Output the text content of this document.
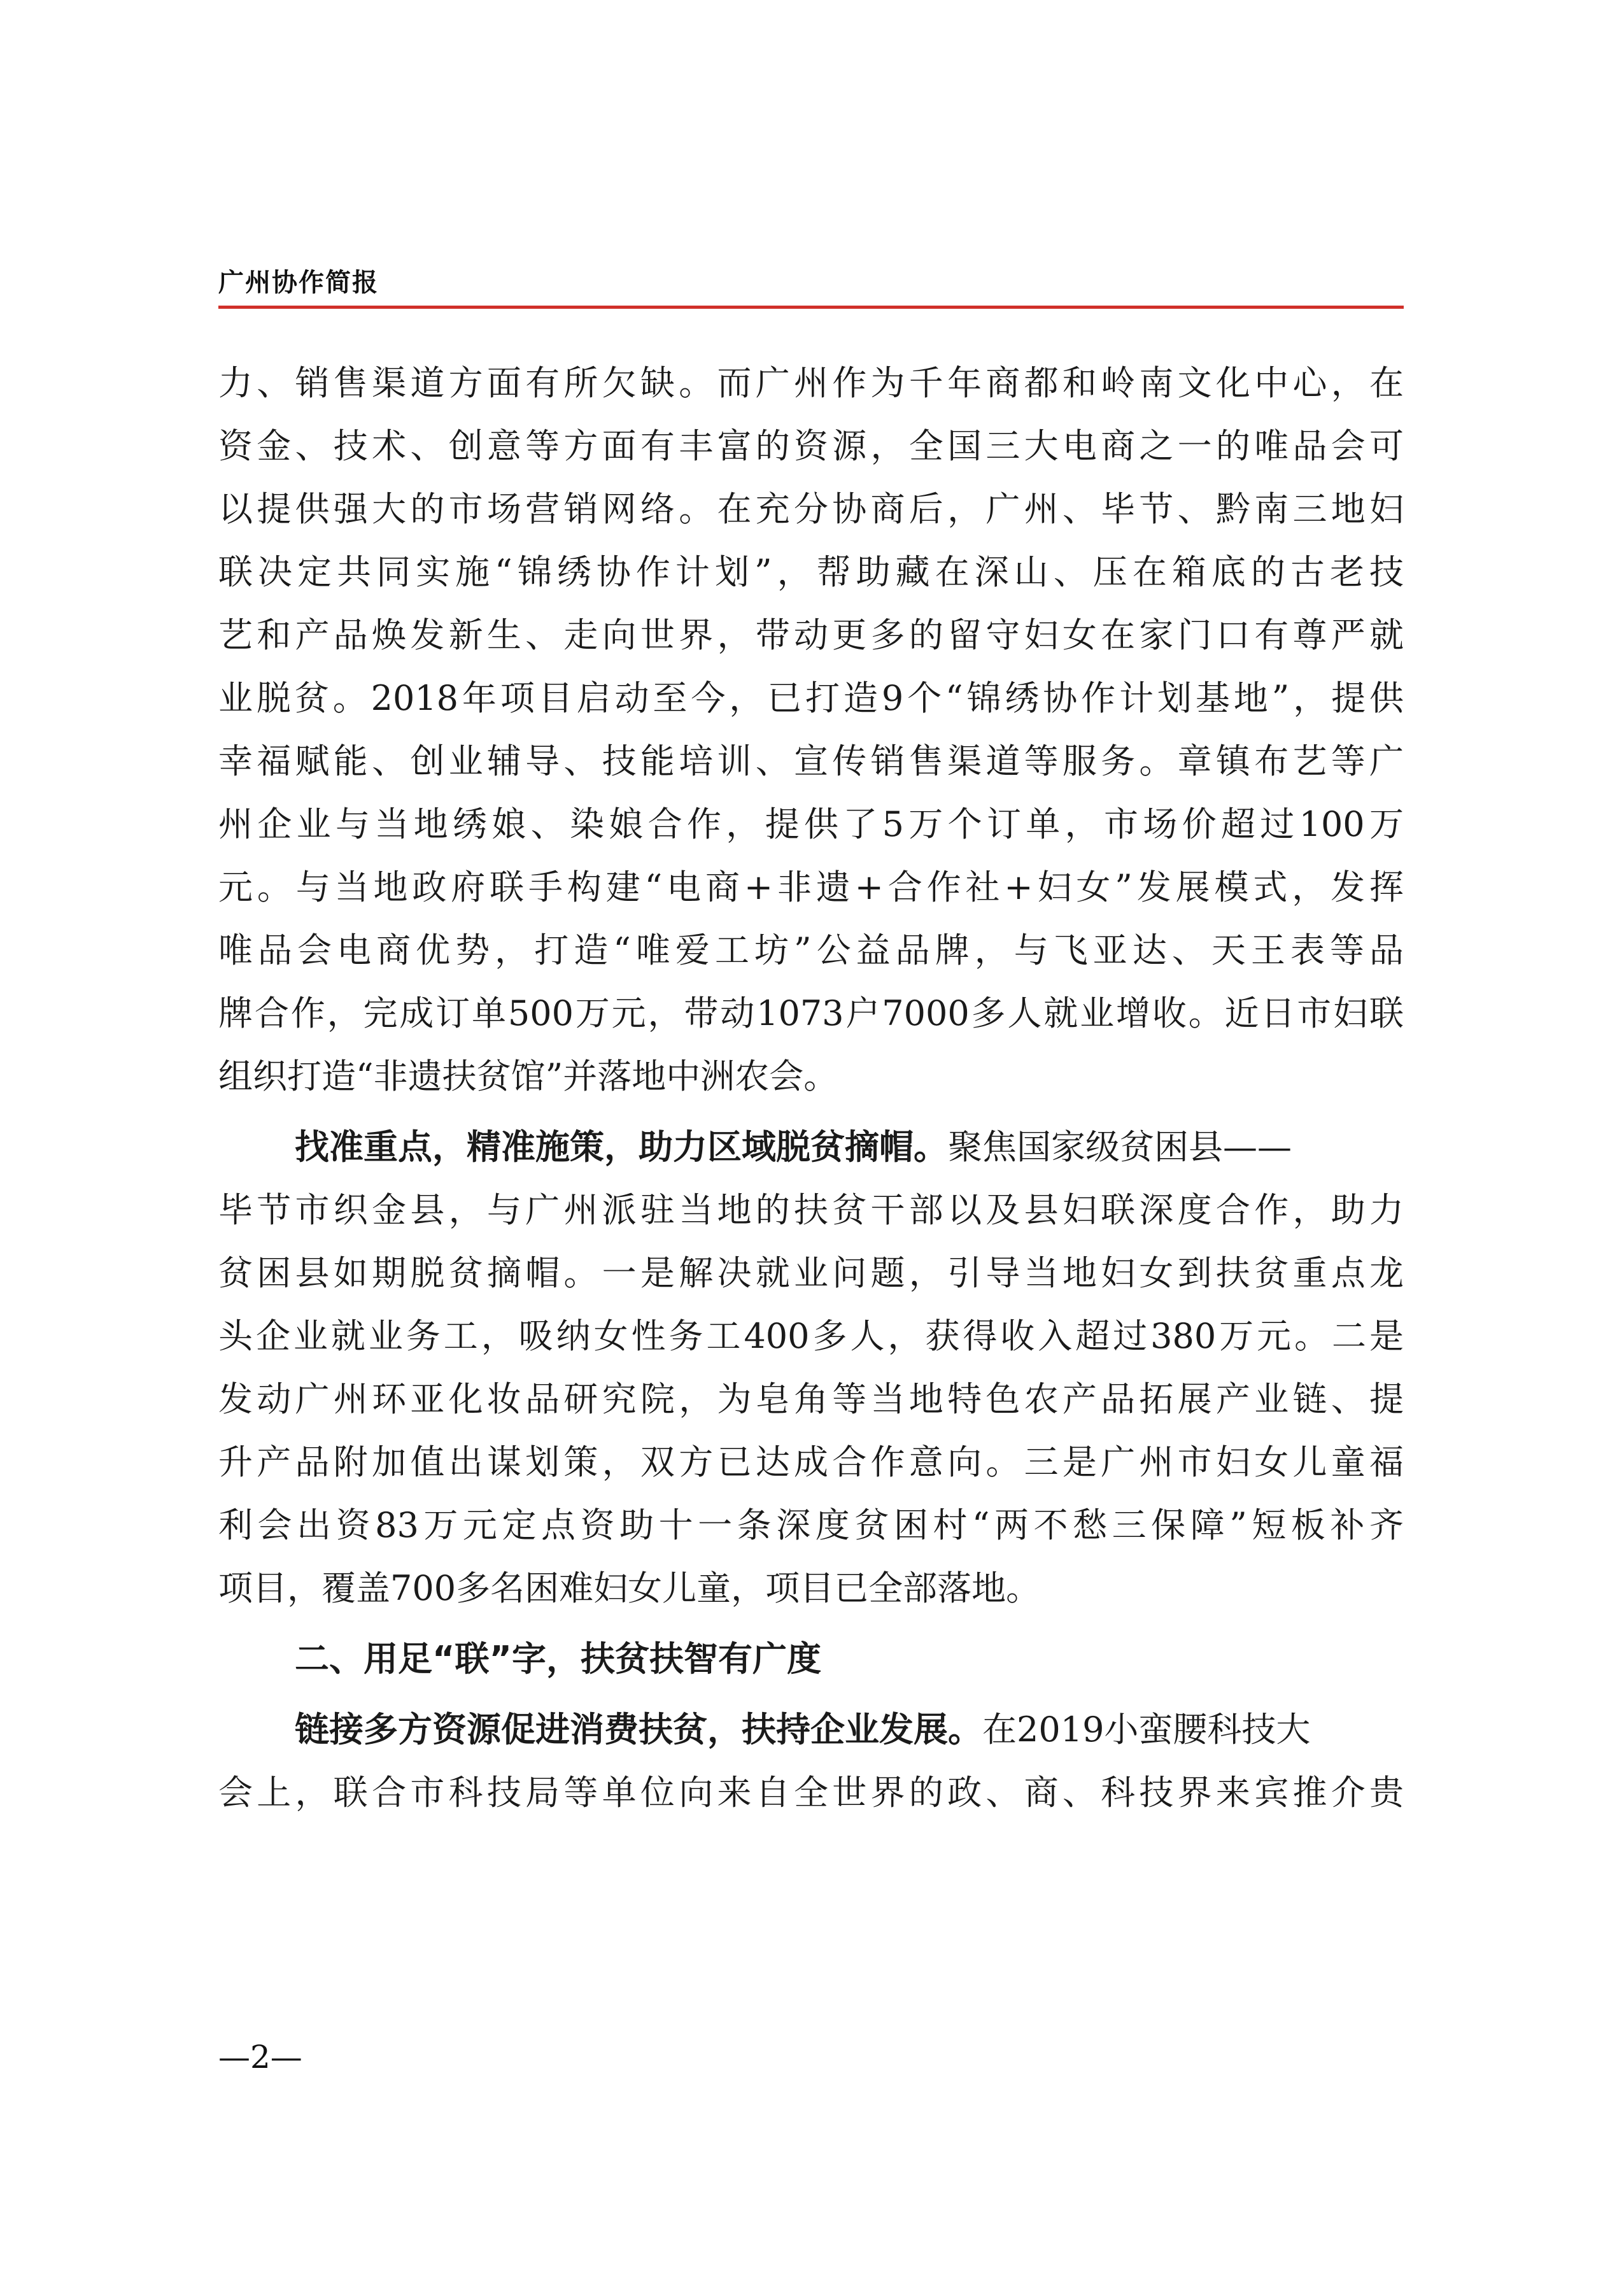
广州协作简报
力、销售渠道方面有所欠缺。而广州作为千年商都和岭南文化中心，在
资金、技术、创意等方面有丰富的资源，全国三大电商之一的唯品会可
以提供强大的市场营销网络。在充分协商后，广州、毕节、黔南三地妇
联决定共同实施“锦绣协作计划”，帮助藏在深山、压在箱底的古老技
艺和产品焕发新生、走向世界，带动更多的留守妇女在家门口有尊严就
业脱贫。2018年项目启动至今，已打造9个“锦绣协作计划基地”，提供
幸福赋能、创业辅导、技能培训、宣传销售渠道等服务。章镇布艺等广
州企业与当地绣娘、染娘合作，提供了5万个订单，市场价超过100万
元。与当地政府联手构建“电商+非遗+合作社+妇女”发展模式，发挥
唯品会电商优势，打造“唯爱工坊”公益品牌，与飞亚达、天王表等品
牌合作，完成订单500万元，带动1073户7000多人就业增收。近日市妇联
组织打造“非遗扶贫馆”并落地中洲农会。
找准重点，精准施策，助力区域脱贫摘帽。聚焦国家级贫困县——
毕节市织金县，与广州派驻当地的扶贫干部以及县妇联深度合作，助力
贫困县如期脱贫摘帽。一是解决就业问题，引导当地妇女到扶贫重点龙
头企业就业务工，吸纳女性务工400多人，获得收入超过380万元。二是
发动广州环亚化妆品研究院，为皂角等当地特色农产品拓展产业链、提
升产品附加值出谋划策，双方已达成合作意向。三是广州市妇女儿童福
利会出资83万元定点资助十一条深度贫困村“两不愁三保障”短板补齐
项目，覆盖700多名困难妇女儿童，项目已全部落地。
二、用足“联”字，扶贫扶智有广度
链接多方资源促进消费扶贫，扶持企业发展。在2019小蛮腰科技大
会上，联合市科技局等单位向来自全世界的政、商、科技界来宾推介贵
—2—
